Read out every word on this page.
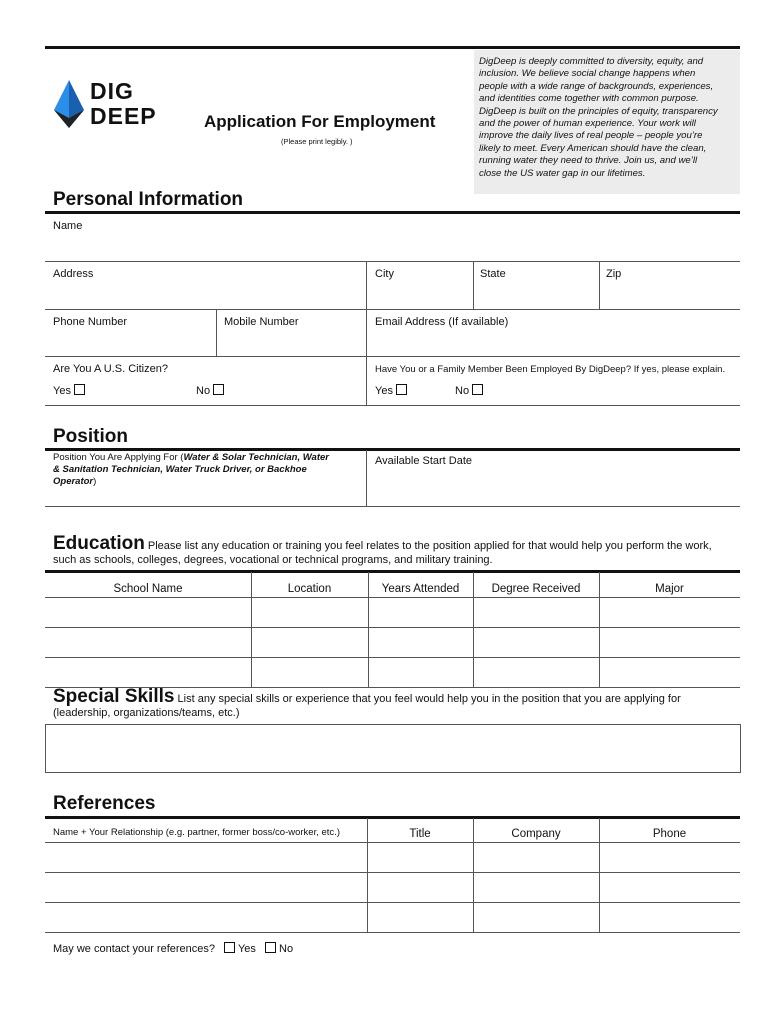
DIG
DEEP	Application For Employment
(Please print legibly. )
DigDeep is deeply committed to diversity, equity, and
inclusion. We believe social change happens when
people with a wide range of backgrounds, experiences,
and identities come together with common purpose.
DigDeep is built on the principles of equity, transparency
and the power of human experience. Your work will
improve the daily lives of real people – people you’re
likely to meet. Every American should have the clean,
running water they need to thrive. Join us, and we’ll
close the US water gap in our lifetimes.
Personal Information
Name
Address	City	State	Zip
Phone Number	Mobile Number	Email Address (If available)
Are You A U.S. Citizen?
Yes	No
Have You or a Family Member Been Employed By DigDeep? If yes, please explain.
Yes	No
Position
Position You Are Applying For (Water & Solar Technician, Water
& Sanitation Technician, Water Truck Driver, or Backhoe
Operator)
Available Start Date
Education Please list any education or training you feel relates to the position applied for that would help you perform the work,
such as schools, colleges, degrees, vocational or technical programs, and military training.
School Name	Location	Years Attended	Degree Received	Major
Special Skills List any special skills or experience that you feel would help you in the position that you are applying for
(leadership, organizations/teams, etc.)
References
Name + Your Relationship (e.g. partner, former boss/co-worker, etc.)	Title	Company	Phone
May we contact your references? Yes No
